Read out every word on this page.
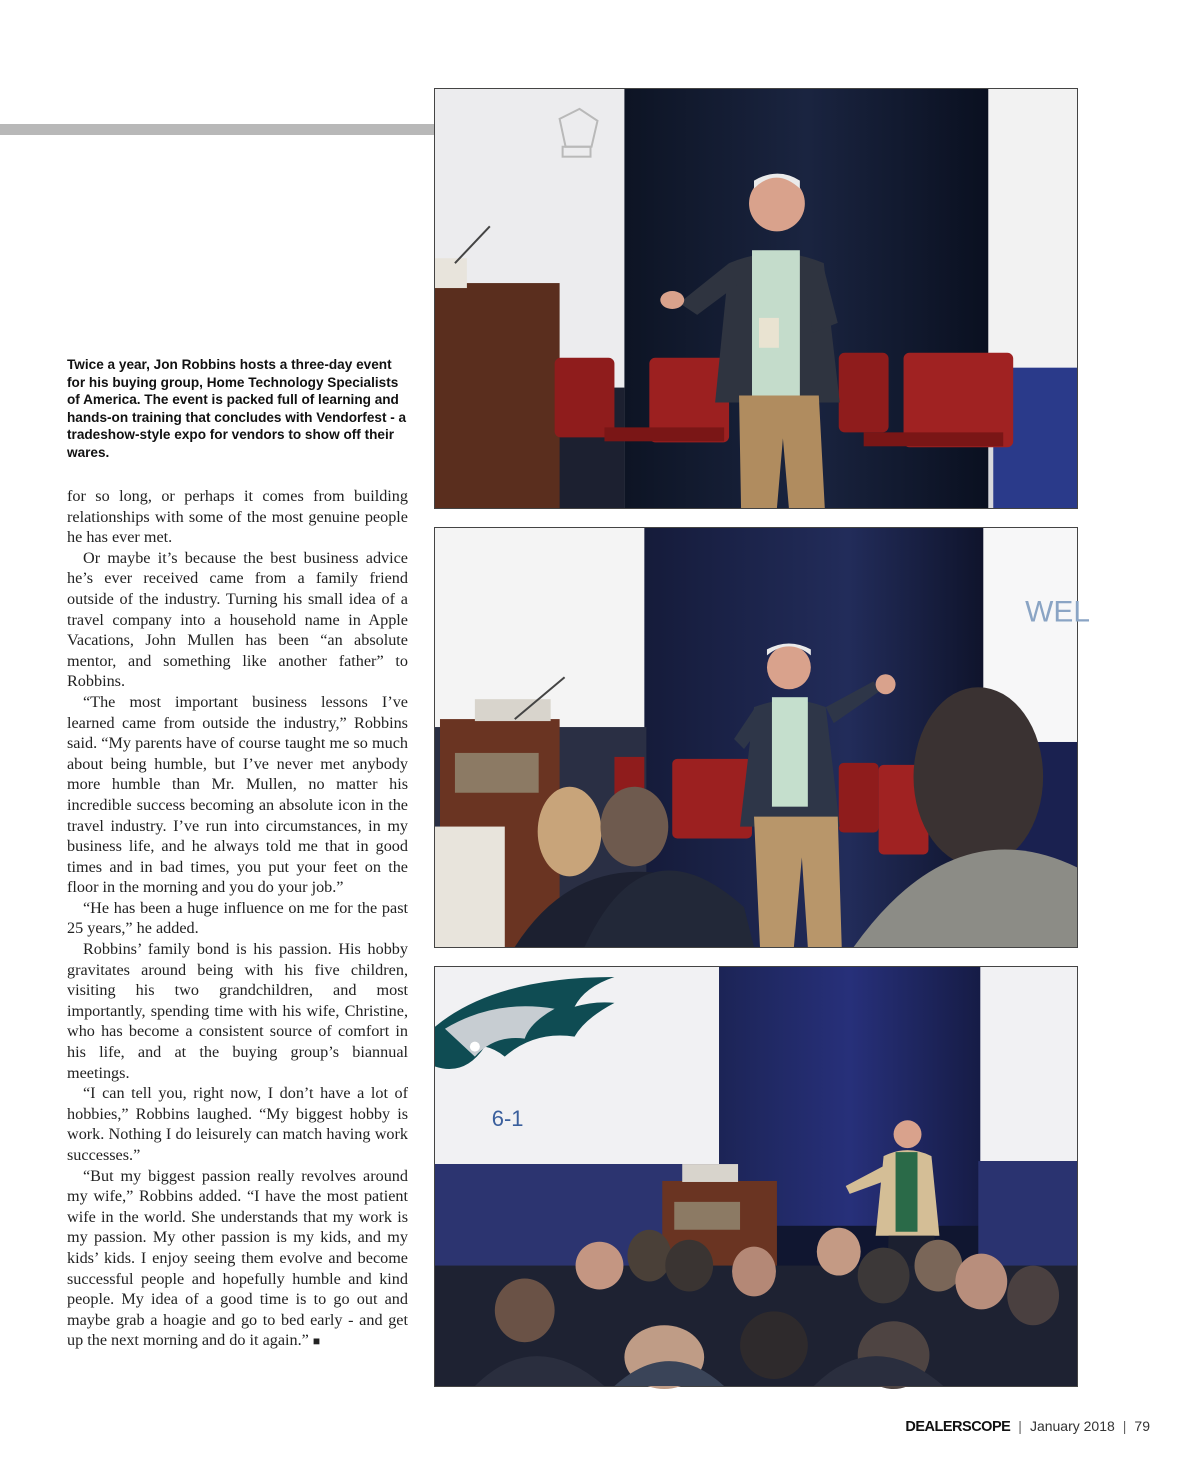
Twice a year, Jon Robbins hosts a three-day event for his buying group, Home Technology Specialists of America. The event is packed full of learning and hands-on training that concludes with Vendorfest - a tradeshow-style expo for vendors to show off their wares.

for so long, or perhaps it comes from building relationships with some of the most genuine people he has ever met.

Or maybe it’s because the best business advice he’s ever received came from a family friend outside of the industry. Turning his small idea of a travel company into a household name in Apple Vacations, John Mullen has been “an absolute mentor, and something like another father” to Robbins.

“The most important business lessons I’ve learned came from outside the industry,” Robbins said. “My parents have of course taught me so much about being humble, but I’ve never met anybody more humble than Mr. Mullen, no matter his incredible success becoming an absolute icon in the travel industry. I’ve run into circumstances, in my business life, and he always told me that in good times and in bad times, you put your feet on the floor in the morning and you do your job.”

“He has been a huge influence on me for the past 25 years,” he added.

Robbins’ family bond is his passion. His hobby gravitates around being with his five children, visiting his two grandchildren, and most importantly, spending time with his wife, Christine, who has become a consistent source of comfort in his life, and at the buying group’s biannual meetings.

“I can tell you, right now, I don’t have a lot of hobbies,” Robbins laughed. “My biggest hobby is work. Nothing I do leisurely can match having work successes.”

“But my biggest passion really revolves around my wife,” Robbins added. “I have the most patient wife in the world. She understands that my work is my passion. My other passion is my kids, and my kids’ kids. I enjoy seeing them evolve and become successful people and hopefully humble and kind people. My idea of a good time is to go out and maybe grab a hoagie and go to bed early - and get up the next morning and do it again.” ■

WEL
6-1
DEALERSCOPE | January 2018 | 79
